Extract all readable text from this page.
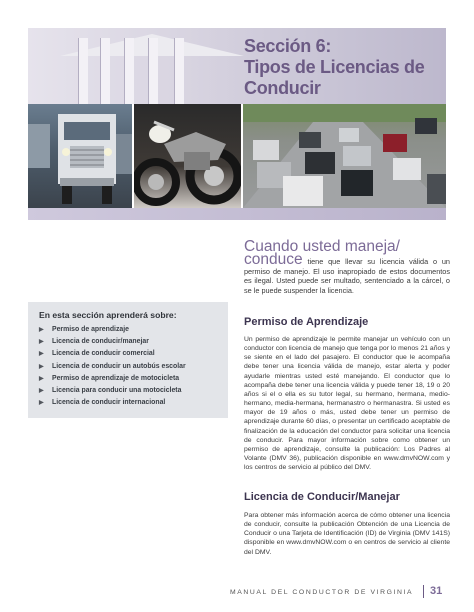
Sección 6:
Tipos de Licencias de
Conducir
Cuando usted maneja/

conduce tiene que llevar su licencia válida o un permiso de manejo. El uso inapropiado de estos documentos es ilegal. Usted puede ser multado, sentenciado a la cárcel, o se le puede suspender la licencia.

En esta sección aprenderá sobre:
▶ Permiso de aprendizaje
▶ Licencia de conducir/manejar
▶ Licencia de conducir comercial
▶ Licencia de conducir un autobús escolar
▶ Permiso de aprendizaje de motocicleta
▶ Licencia para conducir una motocicleta
▶ Licencia de conducir internacional
Permiso de Aprendizaje

Un permiso de aprendizaje le permite manejar un vehículo con un conductor con licencia de manejo que tenga por lo menos 21 años y se siente en el lado del pasajero. El conductor que le acompaña debe tener una licencia válida de manejo, estar alerta y poder ayudarle mientras usted esté manejando. El conductor que lo acompaña debe tener una licencia válida y puede tener 18, 19 o 20 años si el o ella es su tutor legal, su hermano, hermana, medio-hermano, media-hermana, hermanastro o hermanastra. Si usted es mayor de 19 años o más, usted debe tener un permiso de aprendizaje durante 60 días, o presentar un certificado aceptable de finalización de la educación del conductor para solicitar una licencia de conducir. Para mayor información sobre como obtener un permiso de aprendizaje, consulte la publicación: Los Padres al Volante (DMV 36), publicación disponible en www.dmvNOW.com y los centros de servicio al público del DMV.

Licencia de Conducir/Manejar

Para obtener más información acerca de cómo obtener una licencia de conducir, consulte la publicación Obtención de una Licencia de Conducir o una Tarjeta de Identificación (ID) de Virginia (DMV 141S) disponible en www.dmvNOW.com o en centros de servicio al cliente del DMV.

MANUAL DEL CONDUCTOR DE VIRGINIA 31
